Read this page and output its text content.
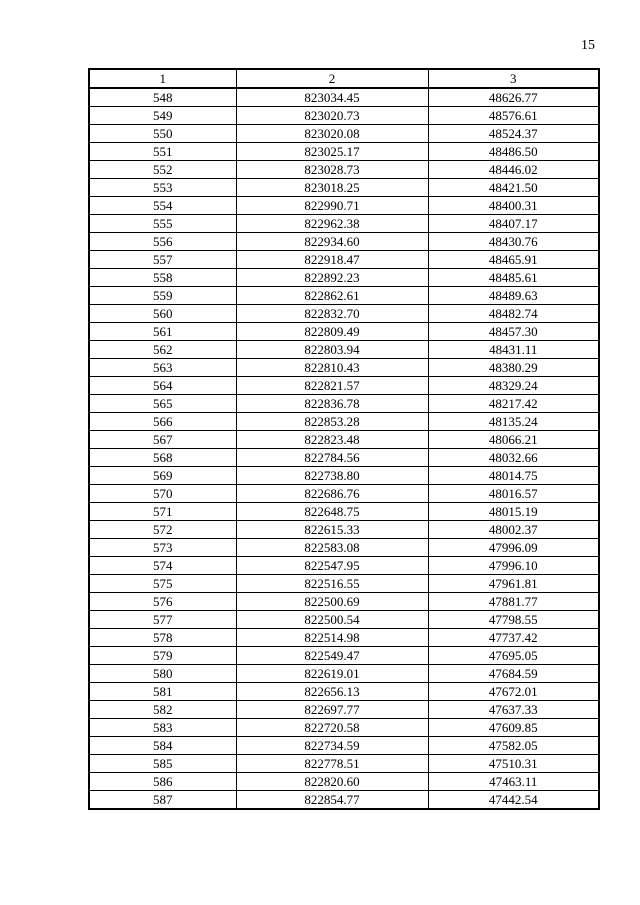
15
1	2	3
548	823034.45	48626.77
549	823020.73	48576.61
550	823020.08	48524.37
551	823025.17	48486.50
552	823028.73	48446.02
553	823018.25	48421.50
554	822990.71	48400.31
555	822962.38	48407.17
556	822934.60	48430.76
557	822918.47	48465.91
558	822892.23	48485.61
559	822862.61	48489.63
560	822832.70	48482.74
561	822809.49	48457.30
562	822803.94	48431.11
563	822810.43	48380.29
564	822821.57	48329.24
565	822836.78	48217.42
566	822853.28	48135.24
567	822823.48	48066.21
568	822784.56	48032.66
569	822738.80	48014.75
570	822686.76	48016.57
571	822648.75	48015.19
572	822615.33	48002.37
573	822583.08	47996.09
574	822547.95	47996.10
575	822516.55	47961.81
576	822500.69	47881.77
577	822500.54	47798.55
578	822514.98	47737.42
579	822549.47	47695.05
580	822619.01	47684.59
581	822656.13	47672.01
582	822697.77	47637.33
583	822720.58	47609.85
584	822734.59	47582.05
585	822778.51	47510.31
586	822820.60	47463.11
587	822854.77	47442.54
